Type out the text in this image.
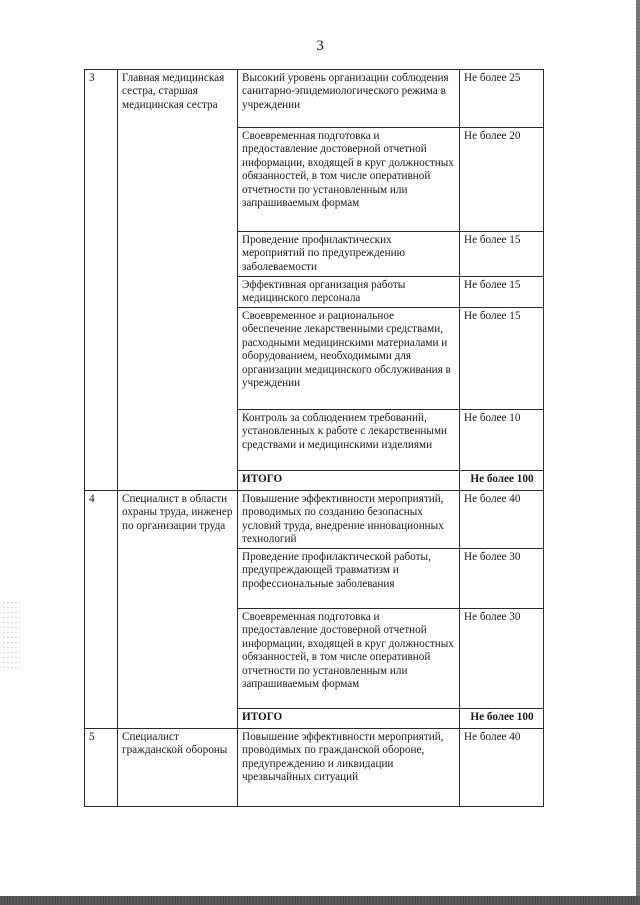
3
3	Главная медицинская сестра, старшая медицинская сестра	Высокий уровень организации соблюдения санитарно-эпидемиологического режима в учреждении	Не более 25
		Своевременная подготовка и предоставление достоверной отчетной информации, входящей в круг должностных обязанностей, в том числе оперативной отчетности по установленным или запрашиваемым формам	Не более 20
		Проведение профилактических мероприятий по предупреждению заболеваемости	Не более 15
		Эффективная организация работы медицинского персонала	Не более 15
		Своевременное и рациональное обеспечение лекарственными средствами, расходными медицинскими материалами и оборудованием, необходимыми для организации медицинского обслуживания в учреждении	Не более 15
		Контроль за соблюдением требований, установленных к работе с лекарственными средствами и медицинскими изделиями	Не более 10
		ИТОГО	Не более 100
4	Специалист в области охраны труда, инженер по организации труда	Повышение эффективности мероприятий, проводимых по созданию безопасных условий труда, внедрение инновационных технологий	Не более 40
		Проведение профилактической работы, предупреждающей травматизм и профессиональные заболевания	Не более 30
		Своевременная подготовка и предоставление достоверной отчетной информации, входящей в круг должностных обязанностей, в том числе оперативной отчетности по установленным или запрашиваемым формам	Не более 30
		ИТОГО	Не более 100
5	Специалист гражданской обороны	Повышение эффективности мероприятий, проводимых по гражданской обороне, предупреждению и ликвидации чрезвычайных ситуаций	Не более 40
